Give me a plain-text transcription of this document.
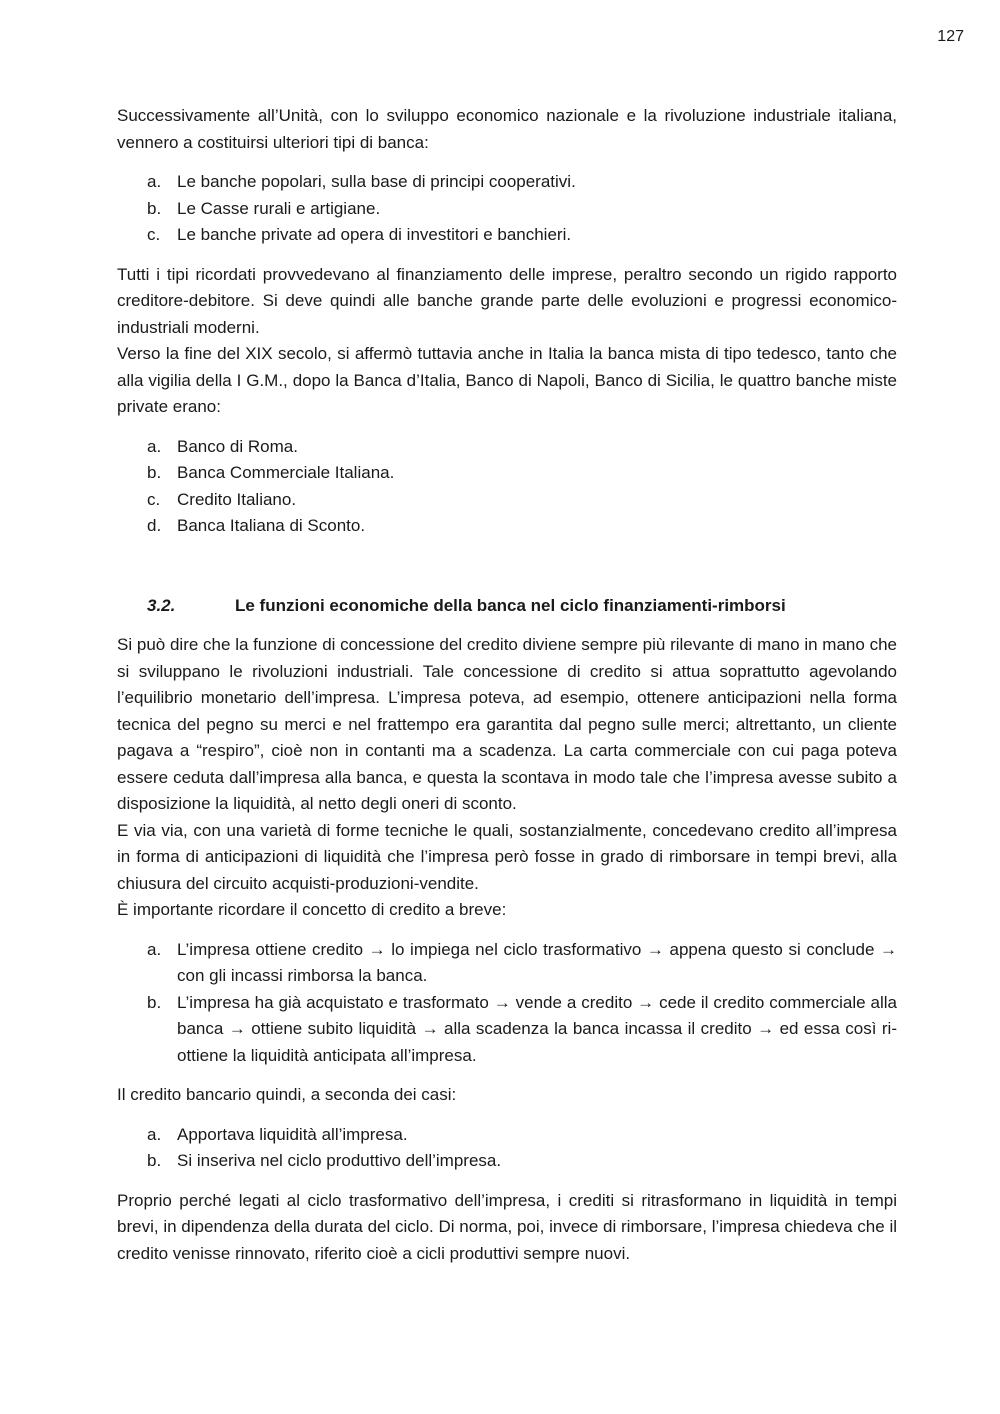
127

Successivamente all’Unità, con lo sviluppo economico nazionale e la rivoluzione industriale italiana, vennero a costituirsi ulteriori tipi di banca:

a. Le banche popolari, sulla base di principi cooperativi.
b. Le Casse rurali e artigiane.
c. Le banche private ad opera di investitori e banchieri.

Tutti i tipi ricordati provvedevano al finanziamento delle imprese, peraltro secondo un rigido rapporto creditore-debitore. Si deve quindi alle banche grande parte delle evoluzioni e progressi economico-industriali moderni.

Verso la fine del XIX secolo, si affermò tuttavia anche in Italia la banca mista di tipo tedesco, tanto che alla vigilia della I G.M., dopo la Banca d’Italia, Banco di Napoli, Banco di Sicilia, le quattro banche miste private erano:

a. Banco di Roma.
b. Banca Commerciale Italiana.
c. Credito Italiano.
d. Banca Italiana di Sconto.
3.2.	Le funzioni economiche della banca nel ciclo finanziamenti-rimborsi

Si può dire che la funzione di concessione del credito diviene sempre più rilevante di mano in mano che si sviluppano le rivoluzioni industriali. Tale concessione di credito si attua soprattutto agevolando l’equilibrio monetario dell’impresa. L’impresa poteva, ad esempio, ottenere anticipazioni nella forma tecnica del pegno su merci e nel frattempo era garantita dal pegno sulle merci; altrettanto, un cliente pagava a “respiro”, cioè non in contanti ma a scadenza. La carta commerciale con cui paga poteva essere ceduta dall’impresa alla banca, e questa la scontava in modo tale che l’impresa avesse subito a disposizione la liquidità, al netto degli oneri di sconto.

E via via, con una varietà di forme tecniche le quali, sostanzialmente, concedevano credito all’impresa in forma di anticipazioni di liquidità che l’impresa però fosse in grado di rimborsare in tempi brevi, alla chiusura del circuito acquisti-produzioni-vendite.

È importante ricordare il concetto di credito a breve:

a. L’impresa ottiene credito → lo impiega nel ciclo trasformativo → appena questo si conclude → con gli incassi rimborsa la banca.
b. L’impresa ha già acquistato e trasformato → vende a credito → cede il credito commerciale alla banca → ottiene subito liquidità → alla scadenza la banca incassa il credito → ed essa così ri-ottiene la liquidità anticipata all’impresa.

Il credito bancario quindi, a seconda dei casi:

a. Apportava liquidità all’impresa.
b. Si inseriva nel ciclo produttivo dell’impresa.

Proprio perché legati al ciclo trasformativo dell’impresa, i crediti si ritrasformano in liquidità in tempi brevi, in dipendenza della durata del ciclo. Di norma, poi, invece di rimborsare, l’impresa chiedeva che il credito venisse rinnovato, riferito cioè a cicli produttivi sempre nuovi.
